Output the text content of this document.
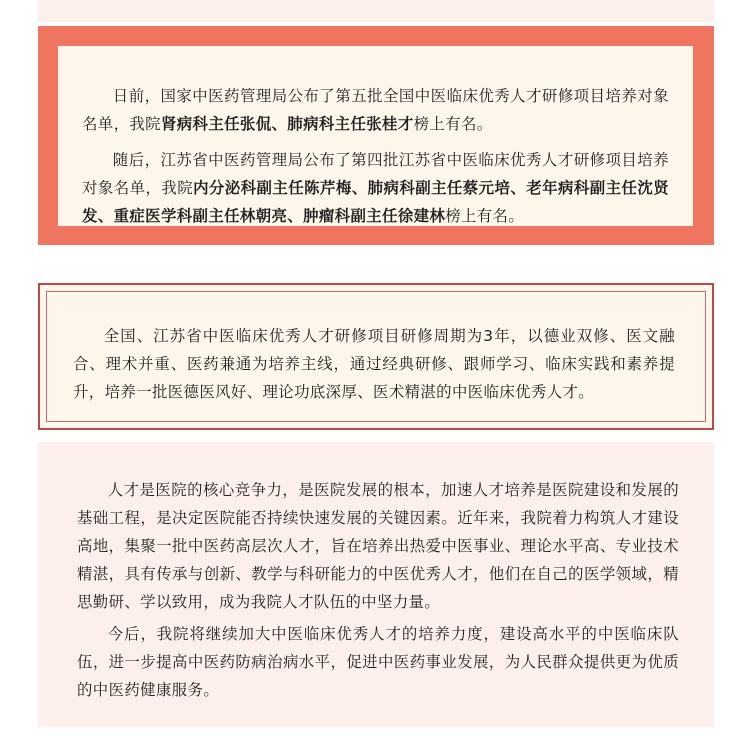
日前，国家中医药管理局公布了第五批全国中医临床优秀人才研修项目培养对象名单，我院肾病科主任张侃、肺病科主任张桂才榜上有名。

随后，江苏省中医药管理局公布了第四批江苏省中医临床优秀人才研修项目培养对象名单，我院内分泌科副主任陈芹梅、肺病科副主任蔡元培、老年病科副主任沈贤发、重症医学科副主任林朝亮、肿瘤科副主任徐建林榜上有名。

全国、江苏省中医临床优秀人才研修项目研修周期为3年，以德业双修、医文融合、理术并重、医药兼通为培养主线，通过经典研修、跟师学习、临床实践和素养提升，培养一批医德医风好、理论功底深厚、医术精湛的中医临床优秀人才。

人才是医院的核心竞争力，是医院发展的根本，加速人才培养是医院建设和发展的基础工程，是决定医院能否持续快速发展的关键因素。近年来，我院着力构筑人才建设高地，集聚一批中医药高层次人才，旨在培养出热爱中医事业、理论水平高、专业技术精湛，具有传承与创新、教学与科研能力的中医优秀人才，他们在自己的医学领域，精思勤研、学以致用，成为我院人才队伍的中坚力量。

今后，我院将继续加大中医临床优秀人才的培养力度，建设高水平的中医临床队伍，进一步提高中医药防病治病水平，促进中医药事业发展，为人民群众提供更为优质的中医药健康服务。
